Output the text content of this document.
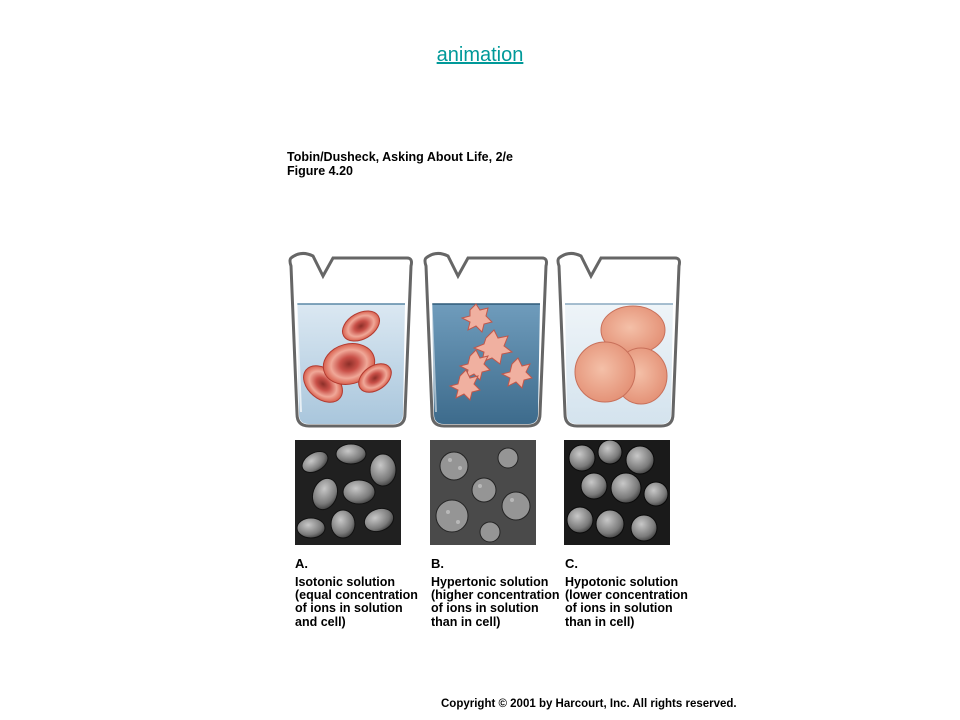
animation
Tobin/Dusheck, Asking About Life, 2/e
Figure 4.20
A.
Isotonic solution
(equal concentration
of ions in solution
and cell)
B.
Hypertonic solution
(higher concentration
of ions in solution
than in cell)
C.
Hypotonic solution
(lower concentration
of ions in solution
than in cell)
Copyright © 2001 by Harcourt, Inc. All rights reserved.
